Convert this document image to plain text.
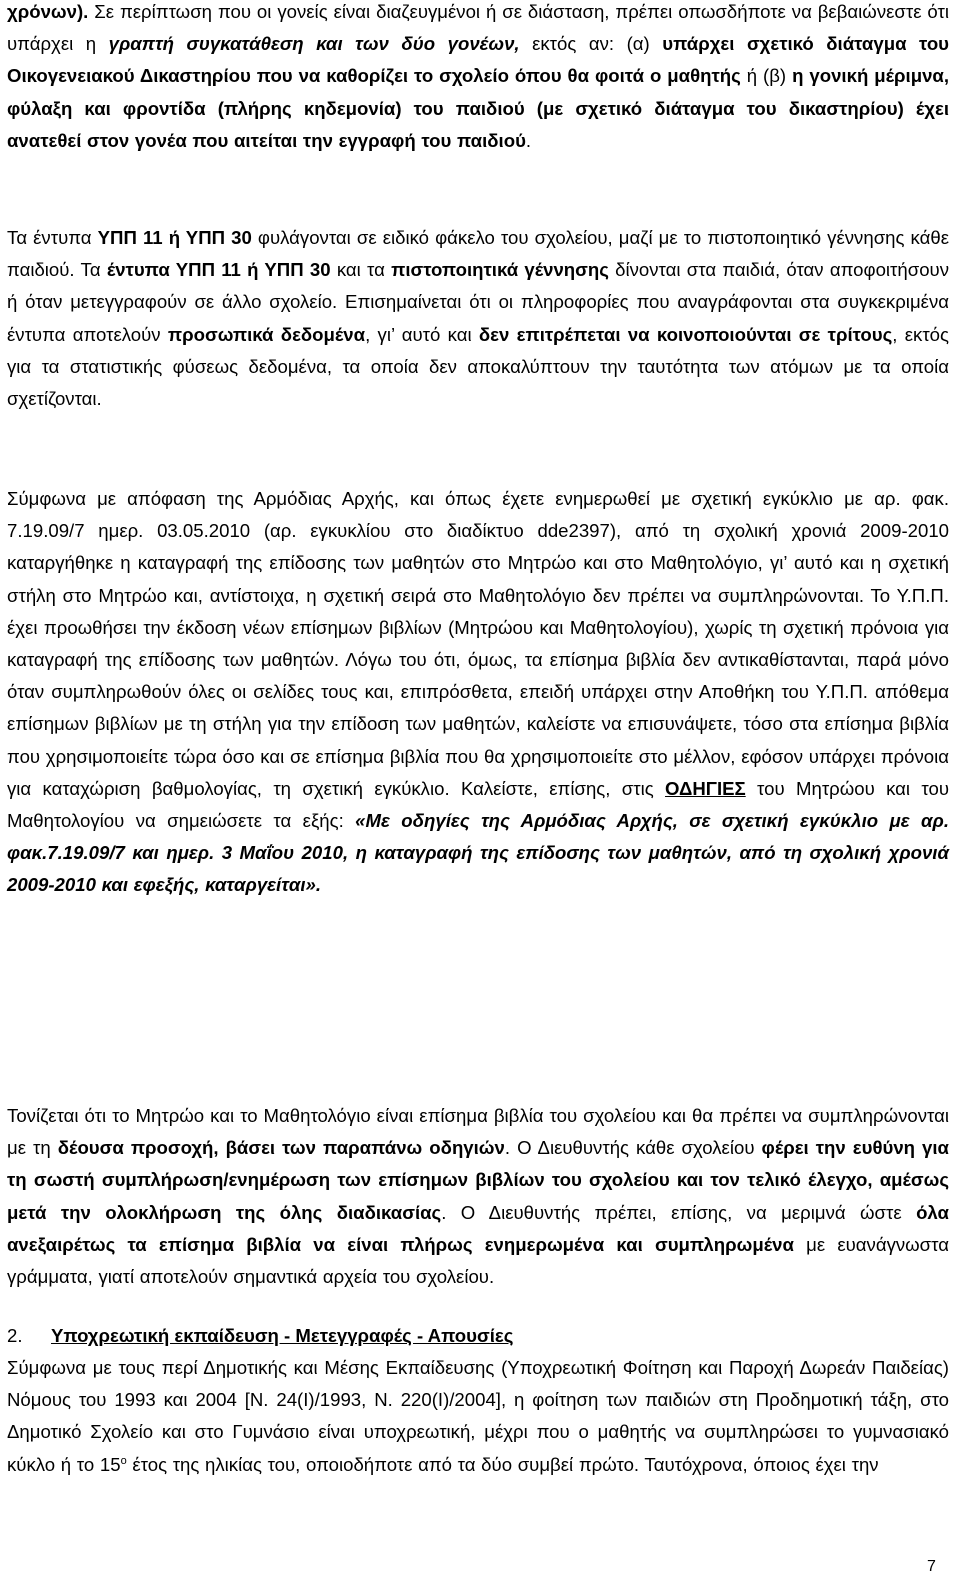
χρόνων). Σε περίπτωση που οι γονείς είναι διαζευγμένοι ή σε διάσταση, πρέπει οπωσδήποτε να βεβαιώνεστε ότι υπάρχει η γραπτή συγκατάθεση και των δύο γονέων, εκτός αν: (α) υπάρχει σχετικό διάταγμα του Οικογενειακού Δικαστηρίου που να καθορίζει το σχολείο όπου θα φοιτά ο μαθητής ή (β) η γονική μέριμνα, φύλαξη και φροντίδα (πλήρης κηδεμονία) του παιδιού (με σχετικό διάταγμα του δικαστηρίου) έχει ανατεθεί στον γονέα που αιτείται την εγγραφή του παιδιού.

Τα έντυπα ΥΠΠ 11 ή ΥΠΠ 30 φυλάγονται σε ειδικό φάκελο του σχολείου, μαζί με το πιστοποιητικό γέννησης κάθε παιδιού. Τα έντυπα ΥΠΠ 11 ή ΥΠΠ 30 και τα πιστοποιητικά γέννησης δίνονται στα παιδιά, όταν αποφοιτήσουν ή όταν μετεγγραφούν σε άλλο σχολείο. Επισημαίνεται ότι οι πληροφορίες που αναγράφονται στα συγκεκριμένα έντυπα αποτελούν προσωπικά δεδομένα, γι’ αυτό και δεν επιτρέπεται να κοινοποιούνται σε τρίτους, εκτός για τα στατιστικής φύσεως δεδομένα, τα οποία δεν αποκαλύπτουν την ταυτότητα των ατόμων με τα οποία σχετίζονται.

Σύμφωνα με απόφαση της Αρμόδιας Αρχής, και όπως έχετε ενημερωθεί με σχετική εγκύκλιο με αρ. φακ. 7.19.09/7 ημερ. 03.05.2010 (αρ. εγκυκλίου στο διαδίκτυο dde2397), από τη σχολική χρονιά 2009-2010 καταργήθηκε η καταγραφή της επίδοσης των μαθητών στο Μητρώο και στο Μαθητολόγιο, γι’ αυτό και η σχετική στήλη στο Μητρώο και, αντίστοιχα, η σχετική σειρά στο Μαθητολόγιο δεν πρέπει να συμπληρώνονται. Το Υ.Π.Π. έχει προωθήσει την έκδοση νέων επίσημων βιβλίων (Μητρώου και Μαθητολογίου), χωρίς τη σχετική πρόνοια για καταγραφή της επίδοσης των μαθητών. Λόγω του ότι, όμως, τα επίσημα βιβλία δεν αντικαθίστανται, παρά μόνο όταν συμπληρωθούν όλες οι σελίδες τους και, επιπρόσθετα, επειδή υπάρχει στην Αποθήκη του Υ.Π.Π. απόθεμα επίσημων βιβλίων με τη στήλη για την επίδοση των μαθητών, καλείστε να επισυνάψετε, τόσο στα επίσημα βιβλία που χρησιμοποιείτε τώρα όσο και σε επίσημα βιβλία που θα χρησιμοποιείτε στο μέλλον, εφόσον υπάρχει πρόνοια για καταχώριση βαθμολογίας, τη σχετική εγκύκλιο. Καλείστε, επίσης, στις ΟΔΗΓΙΕΣ του Μητρώου και του Μαθητολογίου να σημειώσετε τα εξής: «Με οδηγίες της Αρμόδιας Αρχής, σε σχετική εγκύκλιο με αρ. φακ.7.19.09/7 και ημερ. 3 Μαΐου 2010, η καταγραφή της επίδοσης των μαθητών, από τη σχολική χρονιά 2009-2010 και εφεξής, καταργείται».

Τονίζεται ότι το Μητρώο και το Μαθητολόγιο είναι επίσημα βιβλία του σχολείου και θα πρέπει να συμπληρώνονται με τη δέουσα προσοχή, βάσει των παραπάνω οδηγιών. Ο Διευθυντής κάθε σχολείου φέρει την ευθύνη για τη σωστή συμπλήρωση/ενημέρωση των επίσημων βιβλίων του σχολείου και τον τελικό έλεγχο, αμέσως μετά την ολοκλήρωση της όλης διαδικασίας. Ο Διευθυντής πρέπει, επίσης, να μεριμνά ώστε όλα ανεξαιρέτως τα επίσημα βιβλία να είναι πλήρως ενημερωμένα και συμπληρωμένα με ευανάγνωστα γράμματα, γιατί αποτελούν σημαντικά αρχεία του σχολείου.

2. Υποχρεωτική εκπαίδευση - Μετεγγραφές - Απουσίες

Σύμφωνα με τους περί Δημοτικής και Μέσης Εκπαίδευσης (Υποχρεωτική Φοίτηση και Παροχή Δωρεάν Παιδείας) Νόμους του 1993 και 2004 [Ν. 24(Ι)/1993, Ν. 220(Ι)/2004], η φοίτηση των παιδιών στη Προδημοτική τάξη, στο Δημοτικό Σχολείο και στο Γυμνάσιο είναι υποχρεωτική, μέχρι που ο μαθητής να συμπληρώσει το γυμνασιακό κύκλο ή το $15^o$ έτος της ηλικίας του, οποιοδήποτε από τα δύο συμβεί πρώτο. Ταυτόχρονα, όποιος έχει την

7
